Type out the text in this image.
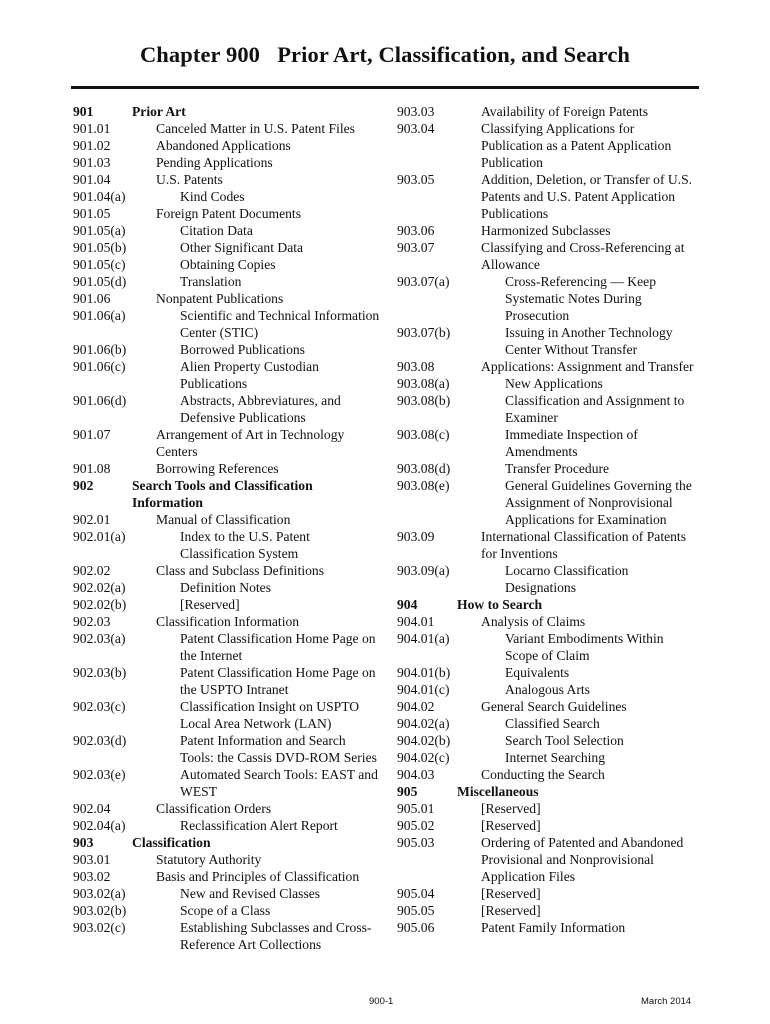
Chapter 900   Prior Art, Classification, and Search
901	Prior Art
901.01	Canceled Matter in U.S. Patent Files
901.02	Abandoned Applications
901.03	Pending Applications
901.04	U.S. Patents
901.04(a)	Kind Codes
901.05	Foreign Patent Documents
901.05(a)	Citation Data
901.05(b)	Other Significant Data
901.05(c)	Obtaining Copies
901.05(d)	Translation
901.06	Nonpatent Publications
901.06(a)	Scientific and Technical Information Center (STIC)
901.06(b)	Borrowed Publications
901.06(c)	Alien Property Custodian Publications
901.06(d)	Abstracts, Abbreviatures, and Defensive Publications
901.07	Arrangement of Art in Technology Centers
901.08	Borrowing References
902	Search Tools and Classification Information
902.01	Manual of Classification
902.01(a)	Index to the U.S. Patent Classification System
902.02	Class and Subclass Definitions
902.02(a)	Definition Notes
902.02(b)	[Reserved]
902.03	Classification Information
902.03(a)	Patent Classification Home Page on the Internet
902.03(b)	Patent Classification Home Page on the USPTO Intranet
902.03(c)	Classification Insight on USPTO Local Area Network (LAN)
902.03(d)	Patent Information and Search Tools: the Cassis DVD-ROM Series
902.03(e)	Automated Search Tools: EAST and WEST
902.04	Classification Orders
902.04(a)	Reclassification Alert Report
903	Classification
903.01	Statutory Authority
903.02	Basis and Principles of Classification
903.02(a)	New and Revised Classes
903.02(b)	Scope of a Class
903.02(c)	Establishing Subclasses and Cross-Reference Art Collections
903.03	Availability of Foreign Patents
903.04	Classifying Applications for Publication as a Patent Application Publication
903.05	Addition, Deletion, or Transfer of U.S. Patents and U.S. Patent Application Publications
903.06	Harmonized Subclasses
903.07	Classifying and Cross-Referencing at Allowance
903.07(a)	Cross-Referencing — Keep Systematic Notes During Prosecution
903.07(b)	Issuing in Another Technology Center Without Transfer
903.08	Applications: Assignment and Transfer
903.08(a)	New Applications
903.08(b)	Classification and Assignment to Examiner
903.08(c)	Immediate Inspection of Amendments
903.08(d)	Transfer Procedure
903.08(e)	General Guidelines Governing the Assignment of Nonprovisional Applications for Examination
903.09	International Classification of Patents for Inventions
903.09(a)	Locarno Classification Designations
904	How to Search
904.01	Analysis of Claims
904.01(a)	Variant Embodiments Within Scope of Claim
904.01(b)	Equivalents
904.01(c)	Analogous Arts
904.02	General Search Guidelines
904.02(a)	Classified Search
904.02(b)	Search Tool Selection
904.02(c)	Internet Searching
904.03	Conducting the Search
905	Miscellaneous
905.01	[Reserved]
905.02	[Reserved]
905.03	Ordering of Patented and Abandoned Provisional and Nonprovisional Application Files
905.04	[Reserved]
905.05	[Reserved]
905.06	Patent Family Information
900-1	March 2014
